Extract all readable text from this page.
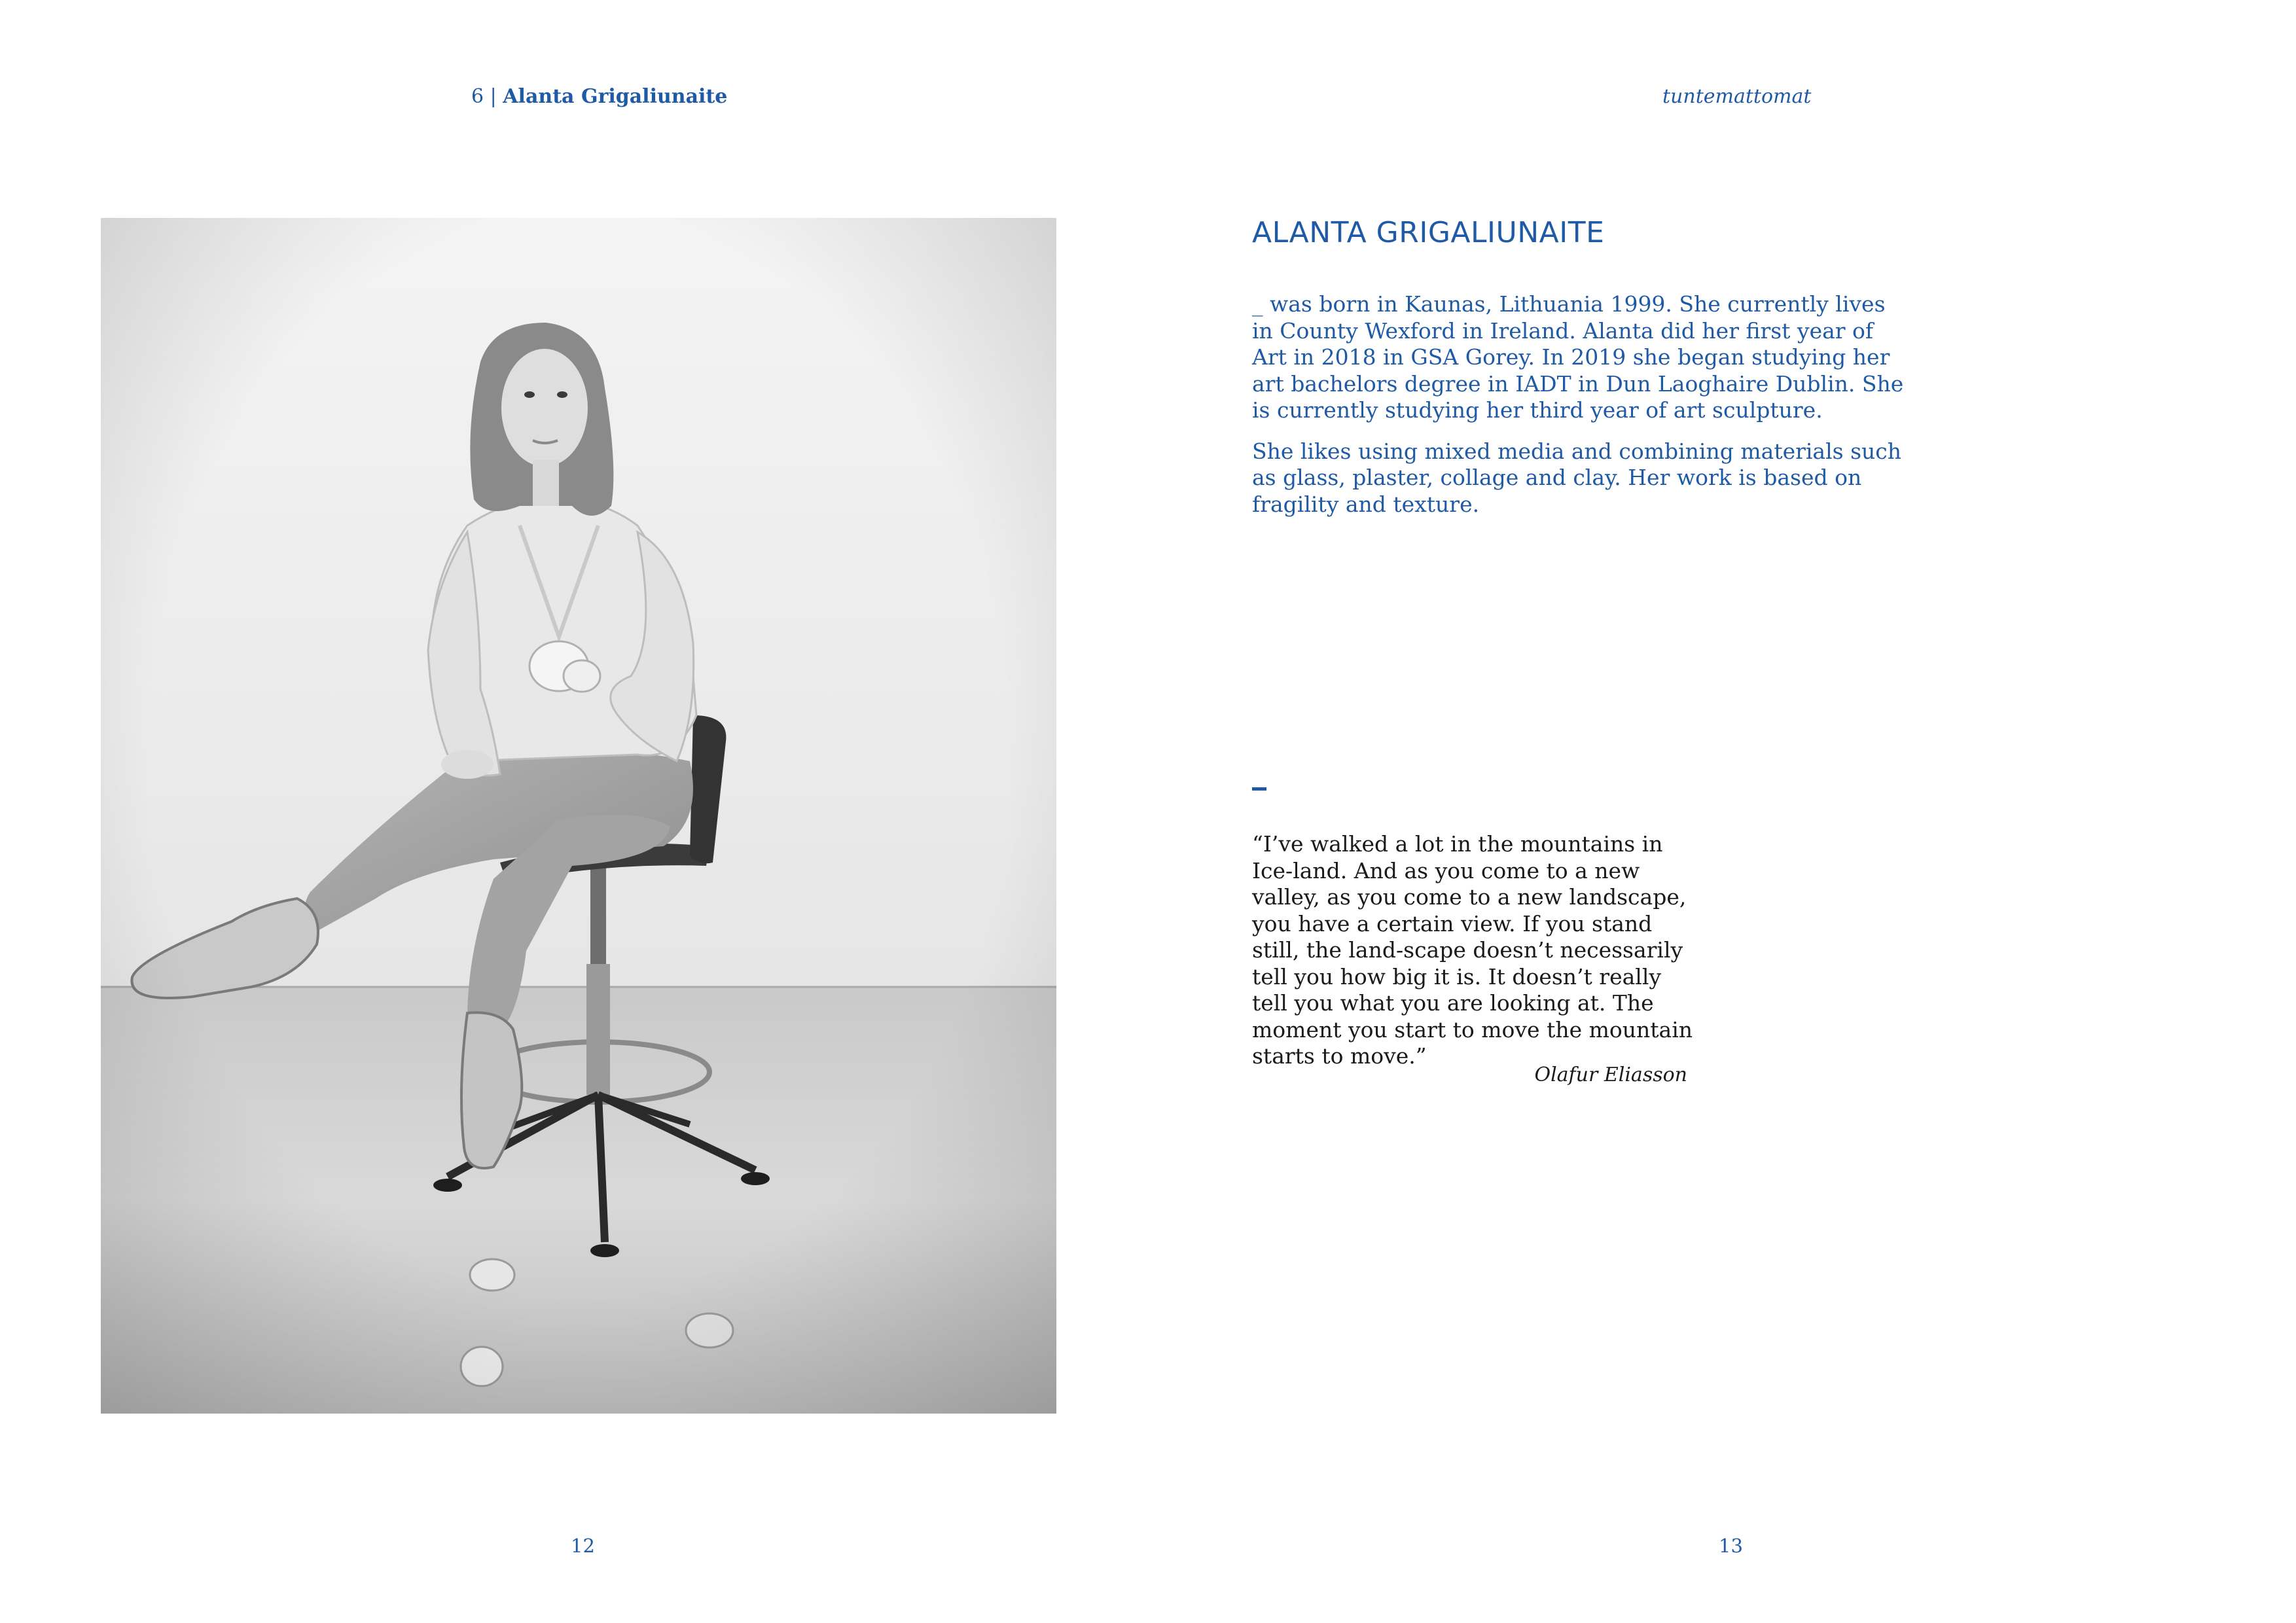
6 | Alanta Grigaliunaite	tuntemattomat
ALANTA GRIGALIUNAITE

_ was born in Kaunas, Lithuania 1999. She currently lives in County Wexford in Ireland. Alanta did her first year of Art in 2018 in GSA Gorey. In 2019 she began studying her art bachelors degree in IADT in Dun Laoghaire Dublin. She is currently studying her third year of art sculpture.

She likes using mixed media and combining materials such as glass, plaster, collage and clay. Her work is based on fragility and texture.

“I’ve walked a lot in the mountains in Ice-land. And as you come to a new valley, as you come to a new landscape, you have a certain view. If you stand still, the land-scape doesn’t necessarily tell you how big it is. It doesn’t really tell you what you are looking at. The moment you start to move the mountain starts to move.”

Olafur Eliasson
12	13
